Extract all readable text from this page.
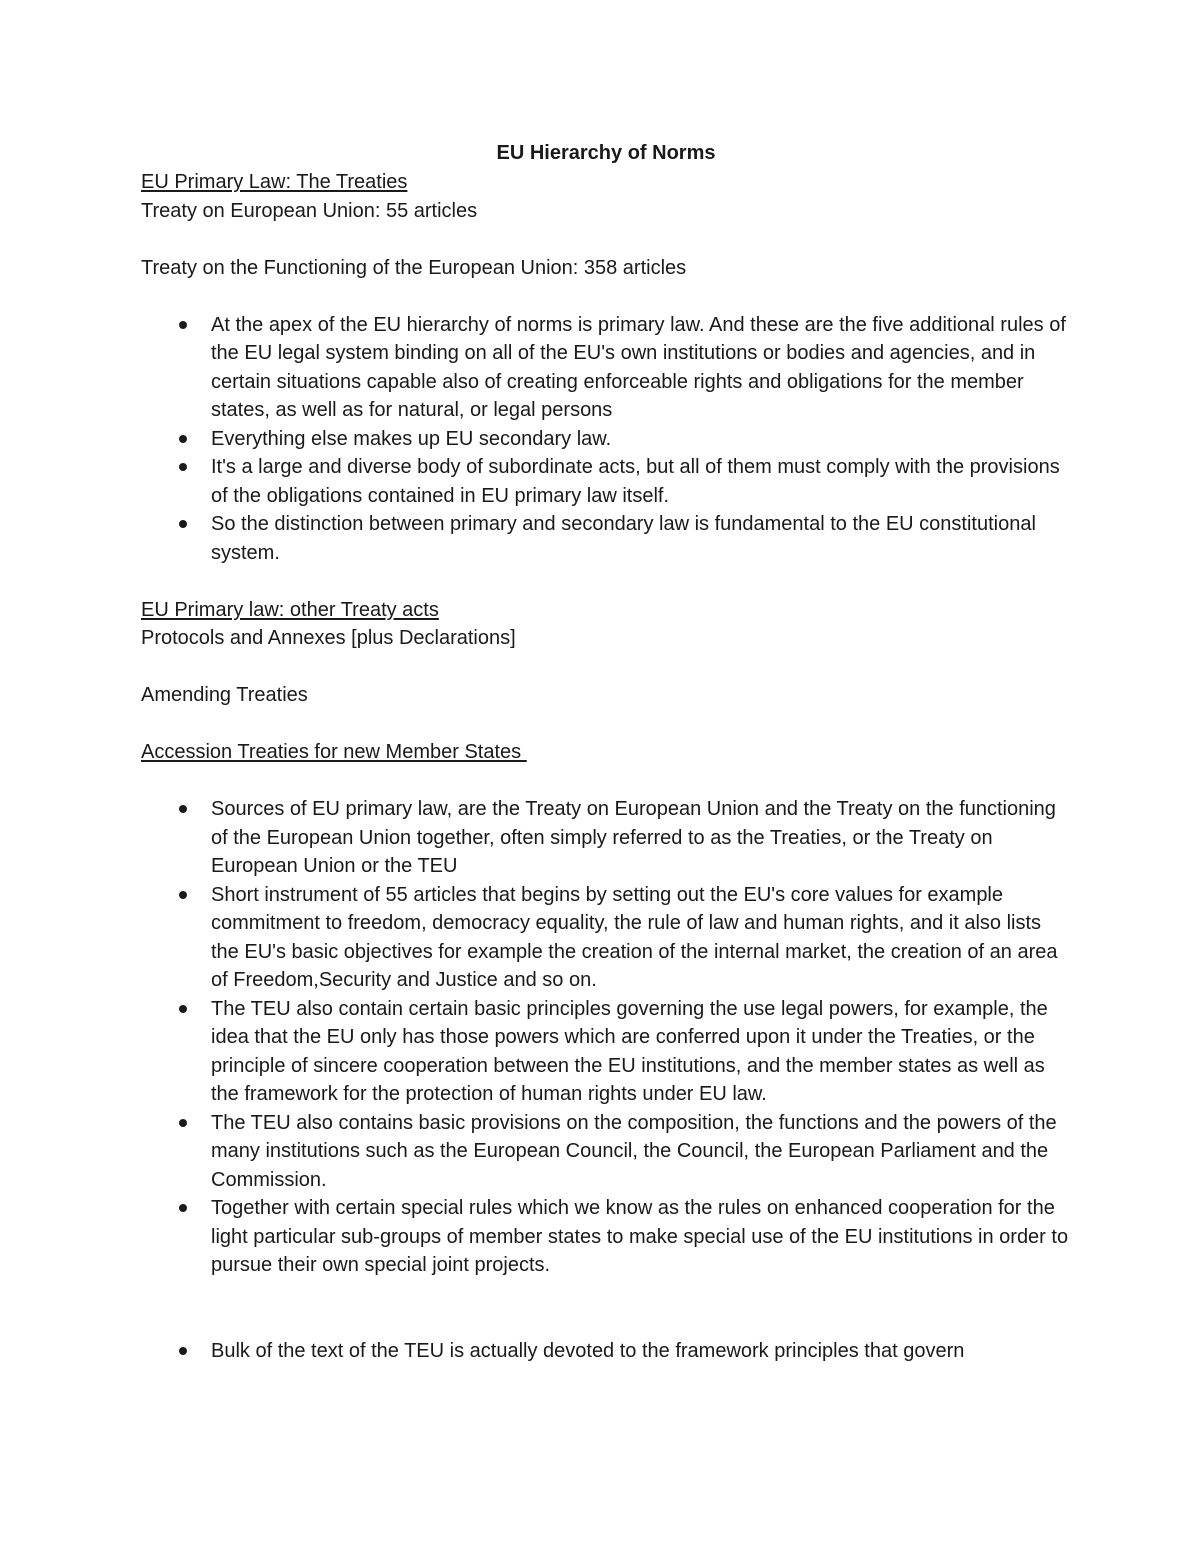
EU Hierarchy of Norms

EU Primary Law: The Treaties

Treaty on European Union: 55 articles

Treaty on the Functioning of the European Union: 358 articles

At the apex of the EU hierarchy of norms is primary law. And these are the five additional rules of the EU legal system binding on all of the EU's own institutions or bodies and agencies, and in certain situations capable also of creating enforceable rights and obligations for the member states, as well as for natural, or legal persons
Everything else makes up EU secondary law.
It's a large and diverse body of subordinate acts, but all of them must comply with the provisions of the obligations contained in EU primary law itself.
So the distinction between primary and secondary law is fundamental to the EU constitutional system.

EU Primary law: other Treaty acts

Protocols and Annexes [plus Declarations]

Amending Treaties

Accession Treaties for new Member States

Sources of EU primary law, are the Treaty on European Union and the Treaty on the functioning of the European Union together, often simply referred to as the Treaties, or the Treaty on European Union or the TEU
Short instrument of 55 articles that begins by setting out the EU's core values for example commitment to freedom, democracy equality, the rule of law and human rights, and it also lists the EU's basic objectives for example the creation of the internal market, the creation of an area of Freedom,Security and Justice and so on.
The TEU also contain certain basic principles governing the use legal powers, for example, the idea that the EU only has those powers which are conferred upon it under the Treaties, or the principle of sincere cooperation between the EU institutions, and the member states as well as the framework for the protection of human rights under EU law.
The TEU also contains basic provisions on the composition, the functions and the powers of the many institutions such as the European Council, the Council, the European Parliament and the Commission.
Together with certain special rules which we know as the rules on enhanced cooperation for the light particular sub-groups of member states to make special use of the EU institutions in order to pursue their own special joint projects.
Bulk of the text of the TEU is actually devoted to the framework principles that govern
